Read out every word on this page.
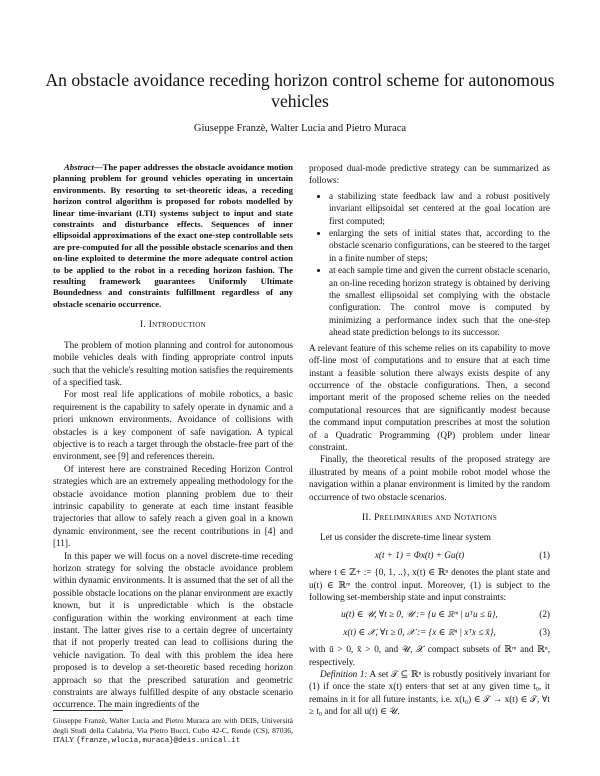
An obstacle avoidance receding horizon control scheme for autonomous vehicles
Giuseppe Franzè, Walter Lucia and Pietro Muraca

Abstract—The paper addresses the obstacle avoidance motion planning problem for ground vehicles operating in uncertain environments. By resorting to set-theoretic ideas, a receding horizon control algorithm is proposed for robots modelled by linear time-invariant (LTI) systems subject to input and state constraints and disturbance effects. Sequences of inner ellipsoidal approximations of the exact one-step controllable sets are pre-computed for all the possible obstacle scenarios and then on-line exploited to determine the more adequate control action to be applied to the robot in a receding horizon fashion. The resulting framework guarantees Uniformly Ultimate Boundedness and constraints fulfillment regardless of any obstacle scenario occurrence.

I. Introduction

The problem of motion planning and control for autonomous mobile vehicles deals with finding appropriate control inputs such that the vehicle's resulting motion satisfies the requirements of a specified task.

For most real life applications of mobile robotics, a basic requirement is the capability to safely operate in dynamic and a priori unknown environments. Avoidance of collisions with obstacles is a key component of safe navigation. A typical objective is to reach a target through the obstacle-free part of the environment, see [9] and references therein.

Of interest here are constrained Receding Horizon Control strategies which are an extremely appealing methodology for the obstacle avoidance motion planning problem due to their intrinsic capability to generate at each time instant feasible trajectories that allow to safely reach a given goal in a known dynamic environment, see the recent contributions in [4] and [11].

In this paper we will focus on a novel discrete-time receding horizon strategy for solving the obstacle avoidance problem within dynamic environments. It is assumed that the set of all the possible obstacle locations on the planar environment are exactly known, but it is unpredictable which is the obstacle configuration within the working environment at each time instant. The latter gives rise to a certain degree of uncertainty that if not properly treated can lead to collisions during the vehicle navigation. To deal with this problem the idea here proposed is to develop a set-theoretic based receding horizon approach so that the prescribed saturation and geometric constraints are always fulfilled despite of any obstacle scenario occurrence. The main ingredients of the

Giuseppe Franzè, Walter Lucia and Pietro Muraca are with DEIS, Università degli Studi della Calabria, Via Pietro Bucci, Cubo 42-C, Rende (CS), 87036, ITALY {franze,wlucia,muraca}@deis.unical.it

proposed dual-mode predictive strategy can be summarized as follows:

• a stabilizing state feedback law and a robust positively invariant ellipsoidal set centered at the goal location are first computed;
• enlarging the sets of initial states that, according to the obstacle scenario configurations, can be steered to the target in a finite number of steps;
• at each sample time and given the current obstacle scenario, an on-line receding horizon strategy is obtained by deriving the smallest ellipsoidal set complying with the obstacle configuration. The control move is computed by minimizing a performance index such that the one-step ahead state prediction belongs to its successor.

A relevant feature of this scheme relies on its capability to move off-line most of computations and to ensure that at each time instant a feasible solution there always exists despite of any occurrence of the obstacle configurations. Then, a second important merit of the proposed scheme relies on the needed computational resources that are significantly modest because the command input computation prescribes at most the solution of a Quadratic Programming (QP) problem under linear constraint.

Finally, the theoretical results of the proposed strategy are illustrated by means of a point mobile robot model whose the navigation within a planar environment is limited by the random occurrence of two obstacle scenarios.

II. Preliminaries and Notations

Let us consider the discrete-time linear system

x(t + 1) = Φx(t) + Gu(t)	(1)

where t ∈ ℤ+ := {0, 1, ..}, x(t) ∈ ℝⁿ denotes the plant state and u(t) ∈ ℝᵐ the control input. Moreover, (1) is subject to the following set-membership state and input constraints:

u(t) ∈ 𝒰, ∀t ≥ 0, 𝒰 := {u ∈ ℝᵐ | uᵀu ≤ ū},	(2)
x(t) ∈ 𝒳, ∀t ≥ 0, 𝒳 := {x ∈ ℝⁿ | xᵀx ≤ x̄},	(3)

with ū > 0, x̄ > 0, and 𝒰, 𝒳 compact subsets of ℝᵐ and ℝⁿ, respectively.

Definition 1: A set 𝒯 ⊆ ℝⁿ is robustly positively invariant for (1) if once the state x(t) enters that set at any given time t₀, it remains in it for all future instants, i.e. x(t₀) ∈ 𝒯 → x(t) ∈ 𝒯, ∀t ≥ t₀ and for all u(t) ∈ 𝒰.
